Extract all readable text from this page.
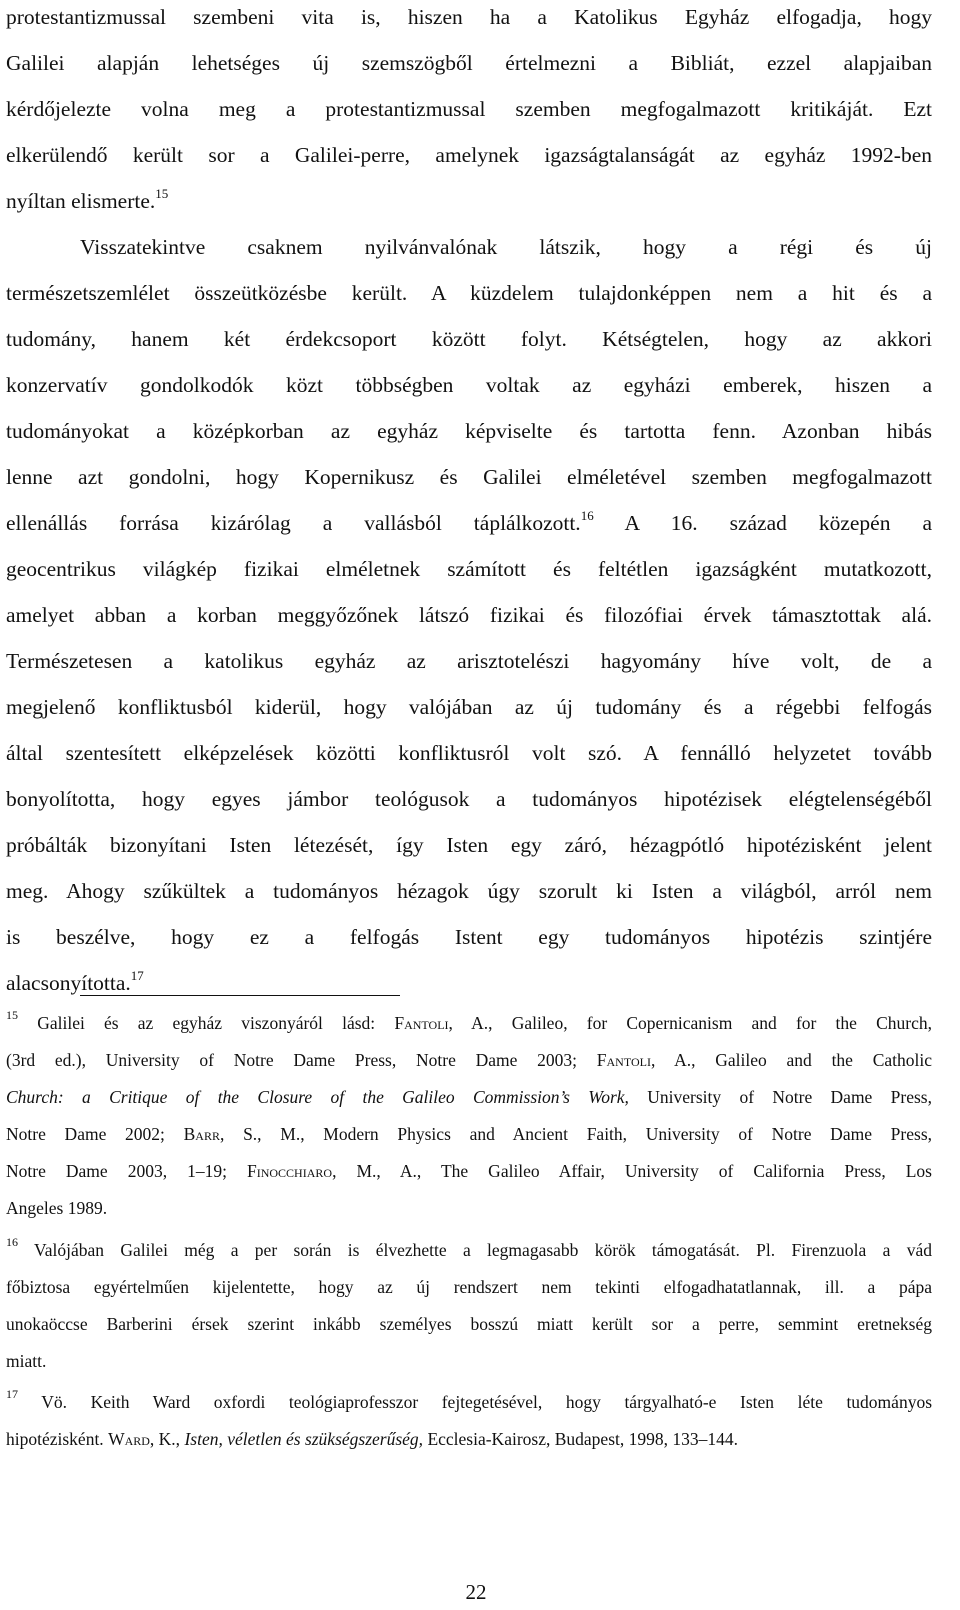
protestantizmussal szembeni vita is, hiszen ha a Katolikus Egyház elfogadja, hogy
Galilei alapján lehetséges új szemszögből értelmezni a Bibliát, ezzel alapjaiban
kérdőjelezte volna meg a protestantizmussal szemben megfogalmazott kritikáját. Ezt
elkerülendő került sor a Galilei-perre, amelynek igazságtalanságát az egyház 1992-ben
nyíltan elismerte.$^{15}$
Visszatekintve csaknem nyilvánvalónak látszik, hogy a régi és új
természetszemlélet összeütközésbe került. A küzdelem tulajdonképpen nem a hit és a
tudomány, hanem két érdekcsoport között folyt. Kétségtelen, hogy az akkori
konzervatív gondolkodók közt többségben voltak az egyházi emberek, hiszen a
tudományokat a középkorban az egyház képviselte és tartotta fenn. Azonban hibás
lenne azt gondolni, hogy Kopernikusz és Galilei elméletével szemben megfogalmazott
ellenállás forrása kizárólag a vallásból táplálkozott.$^{16}$ A 16. század közepén a
geocentrikus világkép fizikai elméletnek számított és feltétlen igazságként mutatkozott,
amelyet abban a korban meggyőzőnek látszó fizikai és filozófiai érvek támasztottak alá.
Természetesen a katolikus egyház az arisztotelészi hagyomány híve volt, de a
megjelenő konfliktusból kiderül, hogy valójában az új tudomány és a régebbi felfogás
által szentesített elképzelések közötti konfliktusról volt szó. A fennálló helyzetet tovább
bonyolította, hogy egyes jámbor teológusok a tudományos hipotézisek elégtelenségéből
próbálták bizonyítani Isten létezését, így Isten egy záró, hézagpótló hipotézisként jelent
meg. Ahogy szűkültek a tudományos hézagok úgy szorult ki Isten a világból, arról nem
is beszélve, hogy ez a felfogás Istent egy tudományos hipotézis szintjére
alacsonyította.$^{17}$
$^{15}$ Galilei és az egyház viszonyáról lásd: Fantoli, A., Galileo, for Copernicanism and for the Church,
(3rd ed.), University of Notre Dame Press, Notre Dame 2003; Fantoli, A., Galileo and the Catholic
Church: a Critique of the Closure of the Galileo Commission’s Work, University of Notre Dame Press,
Notre Dame 2002; Barr, S., M., Modern Physics and Ancient Faith, University of Notre Dame Press,
Notre Dame 2003, 1–19; Finocchiaro, M., A., The Galileo Affair, University of California Press, Los
Angeles 1989.
$^{16}$ Valójában Galilei még a per során is élvezhette a legmagasabb körök támogatását. Pl. Firenzuola a vád
főbiztosa egyértelműen kijelentette, hogy az új rendszert nem tekinti elfogadhatatlannak, ill. a pápa
unokaöccse Barberini érsek szerint inkább személyes bosszú miatt került sor a perre, semmint eretnekség
miatt.
$^{17}$ Vö. Keith Ward oxfordi teológiaprofesszor fejtegetésével, hogy tárgyalható-e Isten léte tudományos
hipotézisként. Ward, K., Isten, véletlen és szükségszerűség, Ecclesia-Kairosz, Budapest, 1998, 133–144.
22
